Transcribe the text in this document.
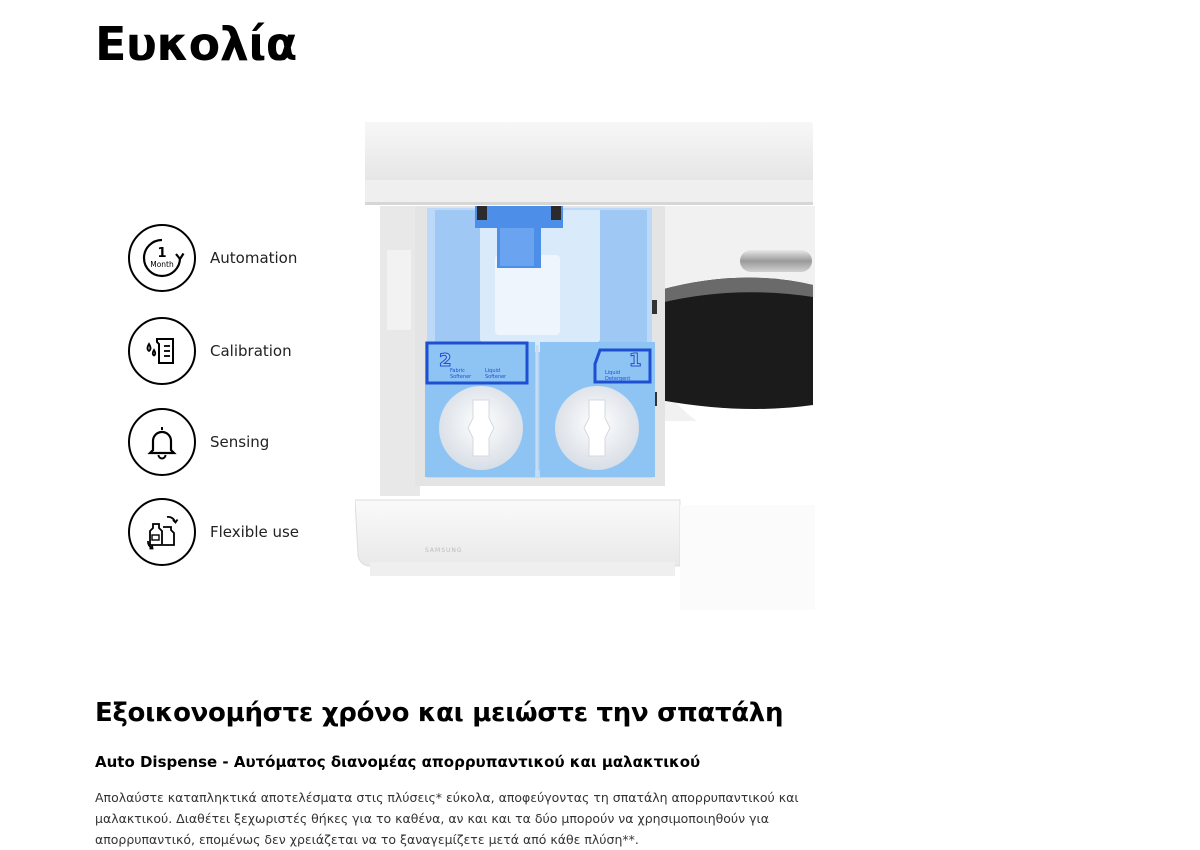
Ευκολία
1
Month Automation
Calibration
Sensing
Flexible use
2
Fabric
Softener
Liquid
Softener
1
Liquid
Detergent
SAMSUNG
Εξοικονομήστε χρόνο και μειώστε την σπατάλη
Auto Dispense - Αυτόματος διανομέας απορρυπαντικού και μαλακτικού

Απολαύστε καταπληκτικά αποτελέσματα στις πλύσεις* εύκολα, αποφεύγοντας τη σπατάλη απορρυπαντικού και μαλακτικού. Διαθέτει ξεχωριστές θήκες για το καθένα, αν και και τα δύο μπορούν να χρησιμοποιηθούν για απορρυπαντικό, επομένως δεν χρειάζεται να το ξαναγεμίζετε μετά από κάθε πλύση**.
